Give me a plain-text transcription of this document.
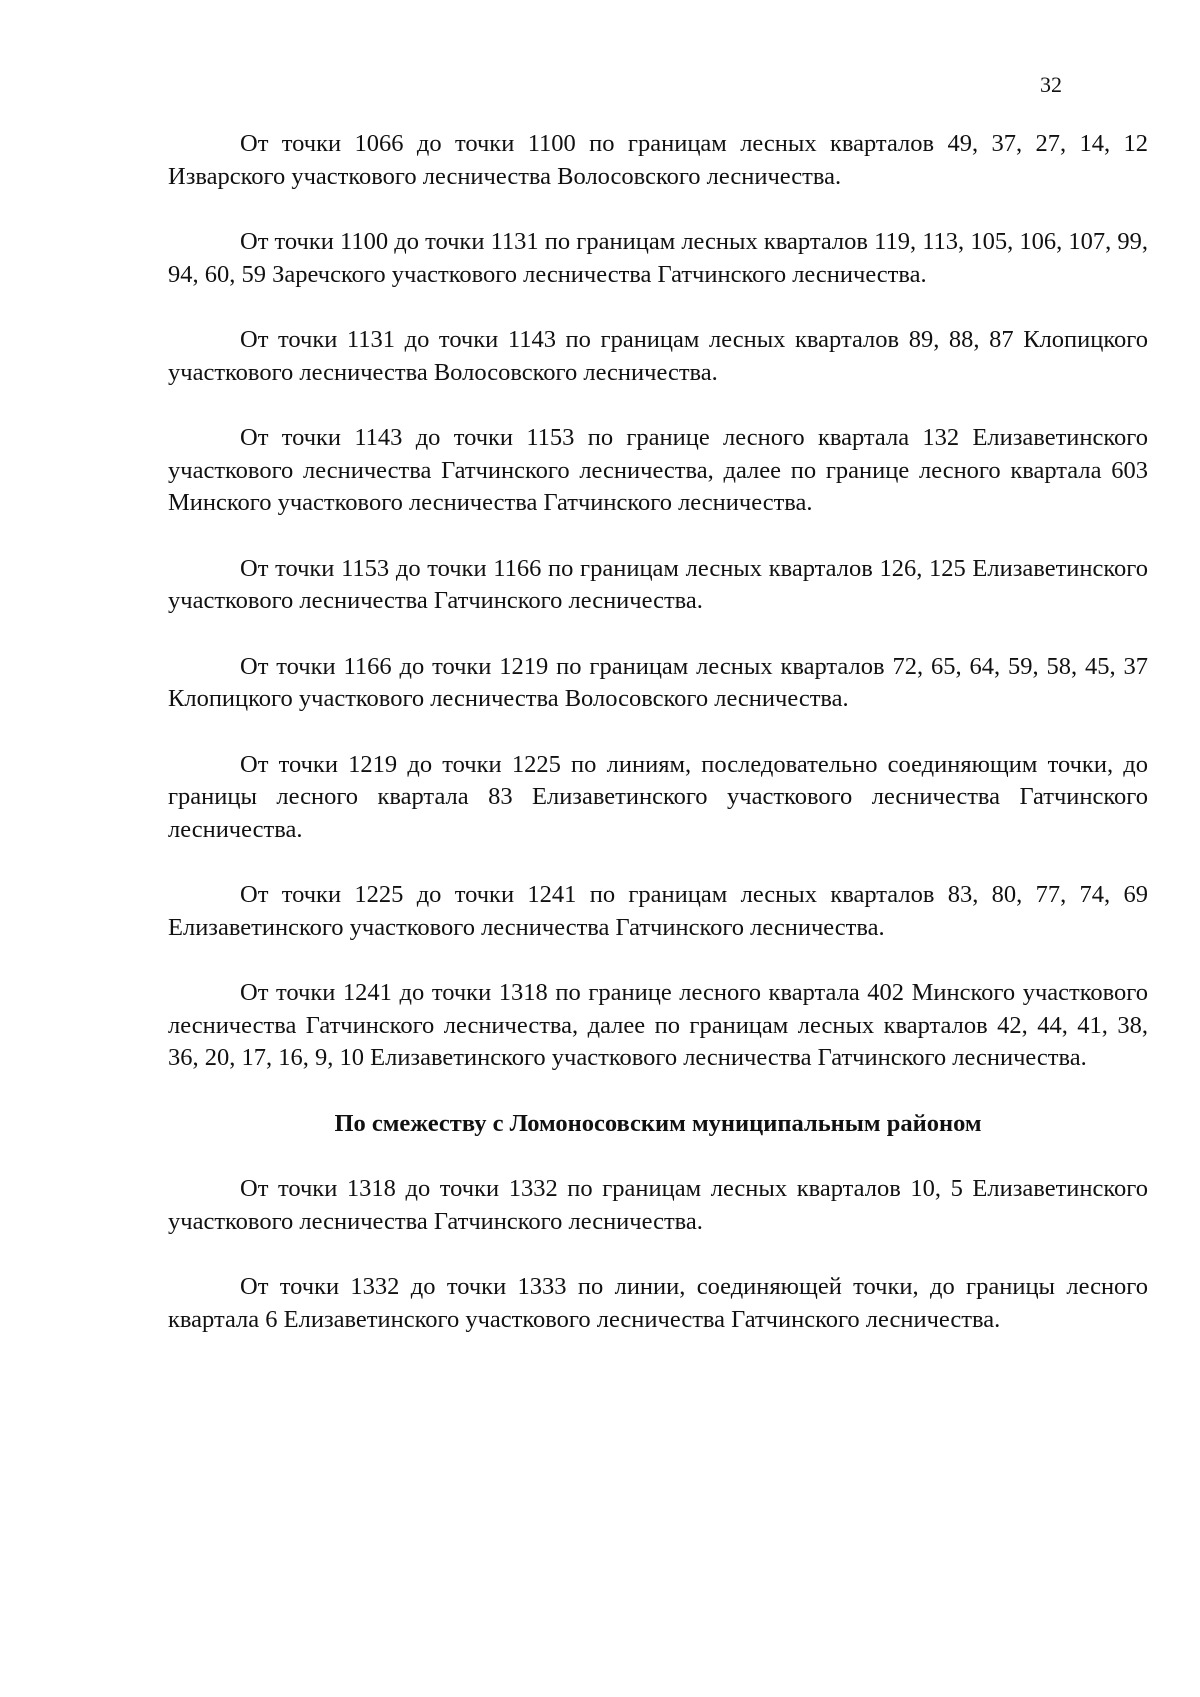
32

От точки 1066 до точки 1100 по границам лесных кварталов 49, 37, 27, 14, 12 Изварского участкового лесничества Волосовского лесничества.

От точки 1100 до точки 1131 по границам лесных кварталов 119, 113, 105, 106, 107, 99, 94, 60, 59 Заречского участкового лесничества Гатчинского лесничества.

От точки 1131 до точки 1143 по границам лесных кварталов 89, 88, 87 Клопицкого участкового лесничества Волосовского лесничества.

От точки 1143 до точки 1153 по границе лесного квартала 132 Елизаветинского участкового лесничества Гатчинского лесничества, далее по границе лесного квартала 603 Минского участкового лесничества Гатчинского лесничества.

От точки 1153 до точки 1166 по границам лесных кварталов 126, 125 Елизаветинского участкового лесничества Гатчинского лесничества.

От точки 1166 до точки 1219 по границам лесных кварталов 72, 65, 64, 59, 58, 45, 37 Клопицкого участкового лесничества Волосовского лесничества.

От точки 1219 до точки 1225 по линиям, последовательно соединяющим точки, до границы лесного квартала 83 Елизаветинского участкового лесничества Гатчинского лесничества.

От точки 1225 до точки 1241 по границам лесных кварталов 83, 80, 77, 74, 69 Елизаветинского участкового лесничества Гатчинского лесничества.

От точки 1241 до точки 1318 по границе лесного квартала 402 Минского участкового лесничества Гатчинского лесничества, далее по границам лесных кварталов 42, 44, 41, 38, 36, 20, 17, 16, 9, 10 Елизаветинского участкового лесничества Гатчинского лесничества.

По смежеству с Ломоносовским муниципальным районом

От точки 1318 до точки 1332 по границам лесных кварталов 10, 5 Елизаветинского участкового лесничества Гатчинского лесничества.

От точки 1332 до точки 1333 по линии, соединяющей точки, до границы лесного квартала 6 Елизаветинского участкового лесничества Гатчинского лесничества.
